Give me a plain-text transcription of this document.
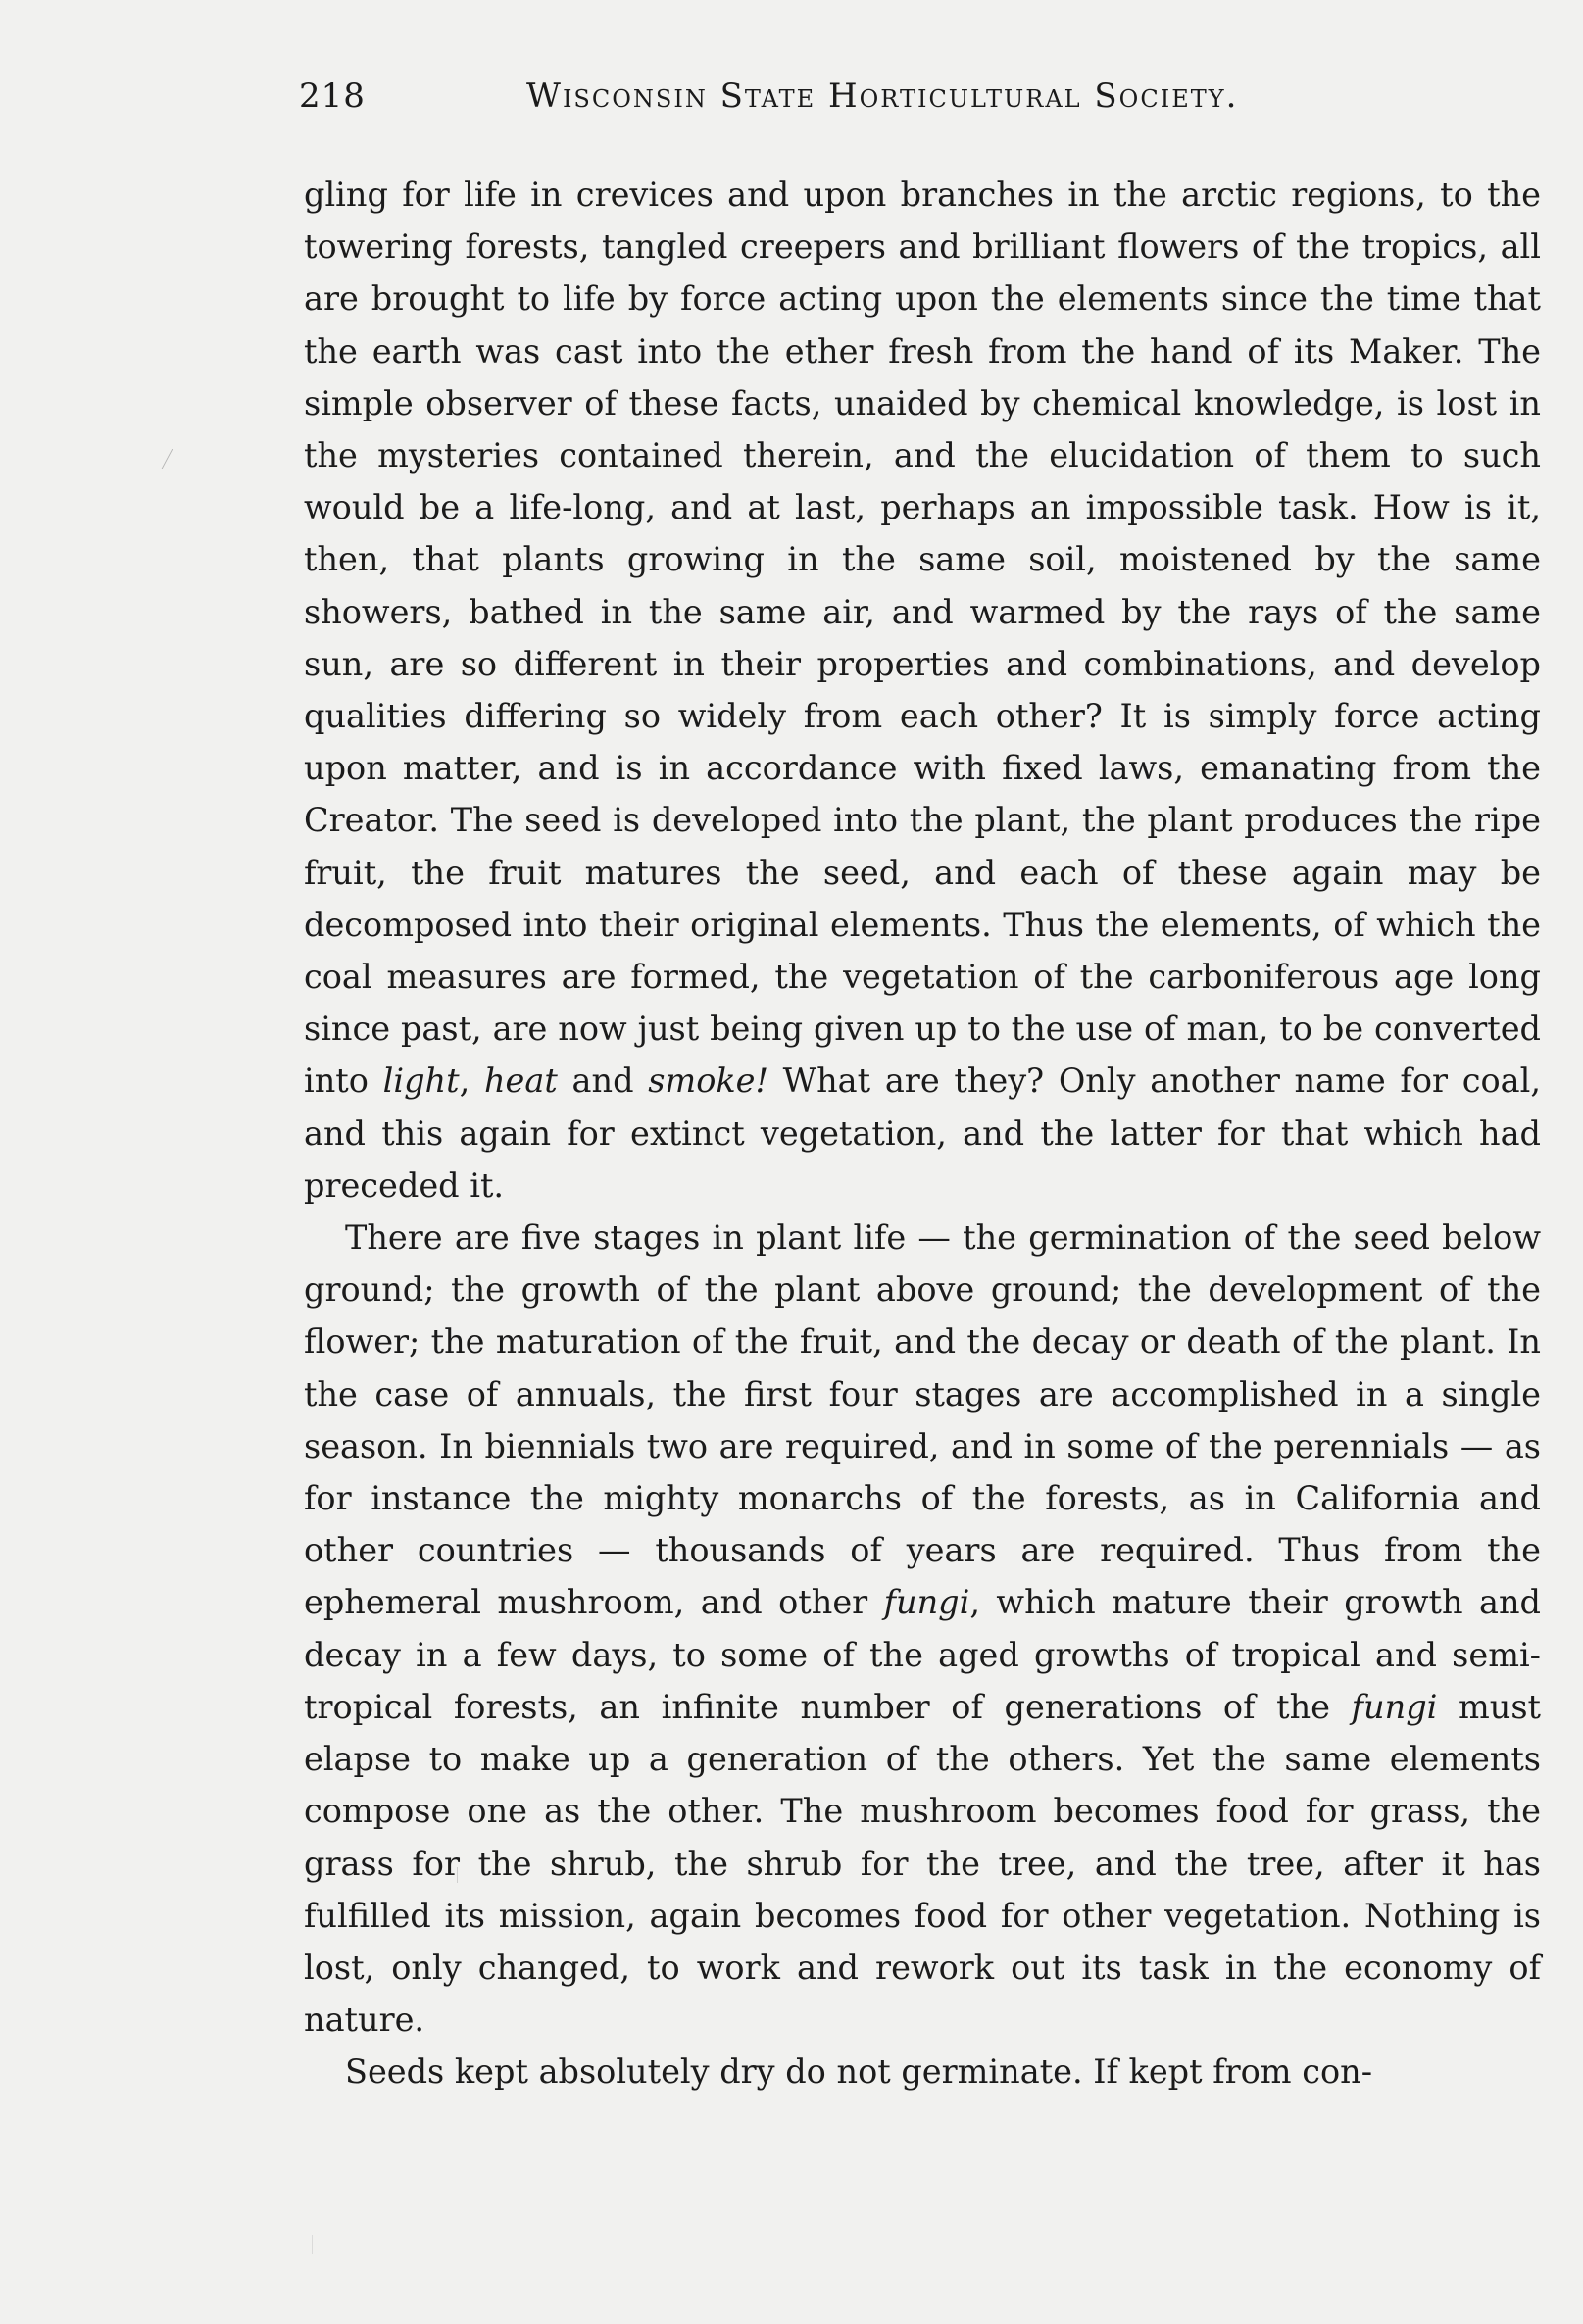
218	Wisconsin State Horticultural Society.

gling for life in crevices and upon branches in the arctic regions, to the towering forests, tangled creepers and brilliant flowers of the tropics, all are brought to life by force acting upon the elements since the time that the earth was cast into the ether fresh from the hand of its Maker. The simple observer of these facts, unaided by chemical knowledge, is lost in the mysteries contained therein, and the elucidation of them to such would be a life-long, and at last, perhaps an impossible task. How is it, then, that plants growing in the same soil, moistened by the same showers, bathed in the same air, and warmed by the rays of the same sun, are so different in their properties and combinations, and develop qualities differing so widely from each other? It is simply force acting upon matter, and is in accordance with fixed laws, emanating from the Creator. The seed is developed into the plant, the plant produces the ripe fruit, the fruit matures the seed, and each of these again may be decomposed into their original elements. Thus the elements, of which the coal measures are formed, the vegetation of the carboniferous age long since past, are now just being given up to the use of man, to be converted into light, heat and smoke! What are they? Only another name for coal, and this again for extinct vegetation, and the latter for that which had preceded it.

There are five stages in plant life — the germination of the seed below ground; the growth of the plant above ground; the development of the flower; the maturation of the fruit, and the decay or death of the plant. In the case of annuals, the first four stages are accomplished in a single season. In biennials two are required, and in some of the perennials — as for instance the mighty monarchs of the forests, as in California and other countries — thousands of years are required. Thus from the ephemeral mushroom, and other fungi, which mature their growth and decay in a few days, to some of the aged growths of tropical and semi-tropical forests, an infinite number of generations of the fungi must elapse to make up a generation of the others. Yet the same elements compose one as the other. The mushroom becomes food for grass, the grass for the shrub, the shrub for the tree, and the tree, after it has fulfilled its mission, again becomes food for other vegetation. Nothing is lost, only changed, to work and rework out its task in the economy of nature.

Seeds kept absolutely dry do not germinate. If kept from con-
